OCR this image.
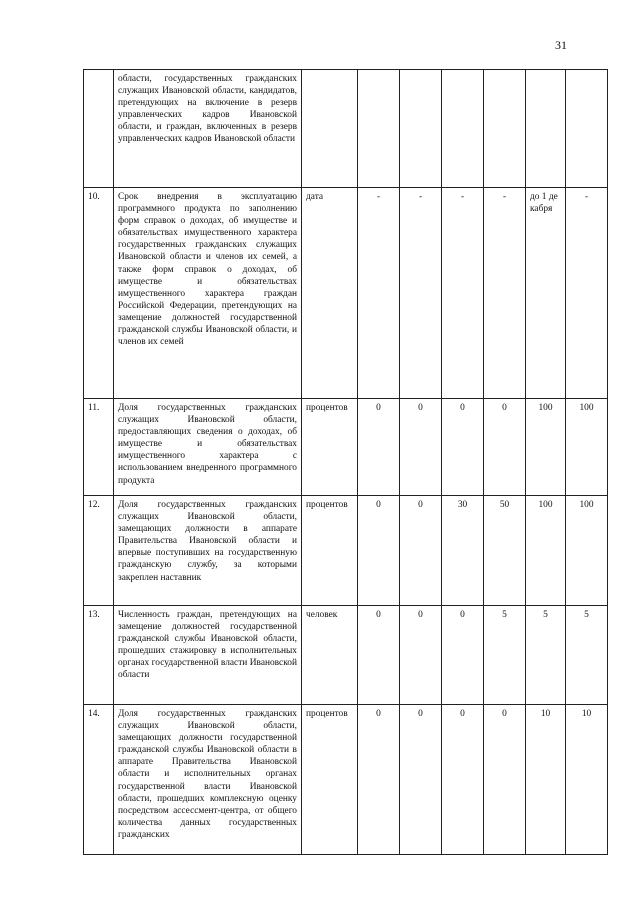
31
	области, государственных гражданских служащих Ивановской области, кандидатов, претендующих на включение в резерв управленческих кадров Ивановской области, и граждан, включенных в резерв управленческих кадров Ивановской области							
10.	Срок внедрения в эксплуатацию программного продукта по заполнению форм справок о доходах, об имуществе и обязательствах имущественного характера государственных гражданских служащих Ивановской области и членов их семей, а также форм справок о доходах, об имуществе и обязательствах имущественного характера граждан Российской Федерации, претендующих на замещение должностей государственной гражданской службы Ивановской области, и членов их семей	дата	-	-	-	-	до 1 декабря	-
11.	Доля государственных гражданских служащих Ивановской области, предоставляющих сведения о доходах, об имуществе и обязательствах имущественного характера с использованием внедренного программного продукта	процентов	0	0	0	0	100	100
12.	Доля государственных гражданских служащих Ивановской области, замещающих должности в аппарате Правительства Ивановской области и впервые поступивших на государственную гражданскую службу, за которыми закреплен наставник	процентов	0	0	30	50	100	100
13.	Численность граждан, претендующих на замещение должностей государственной гражданской службы Ивановской области, прошедших стажировку в исполнительных органах государственной власти Ивановской области	человек	0	0	0	5	5	5
14.	Доля государственных гражданских служащих Ивановской области, замещающих должности государственной гражданской службы Ивановской области в аппарате Правительства Ивановской области и исполнительных органах государственной власти Ивановской области, прошедших комплексную оценку посредством ассессмент-центра, от общего количества данных государственных гражданских	процентов	0	0	0	0	10	10
